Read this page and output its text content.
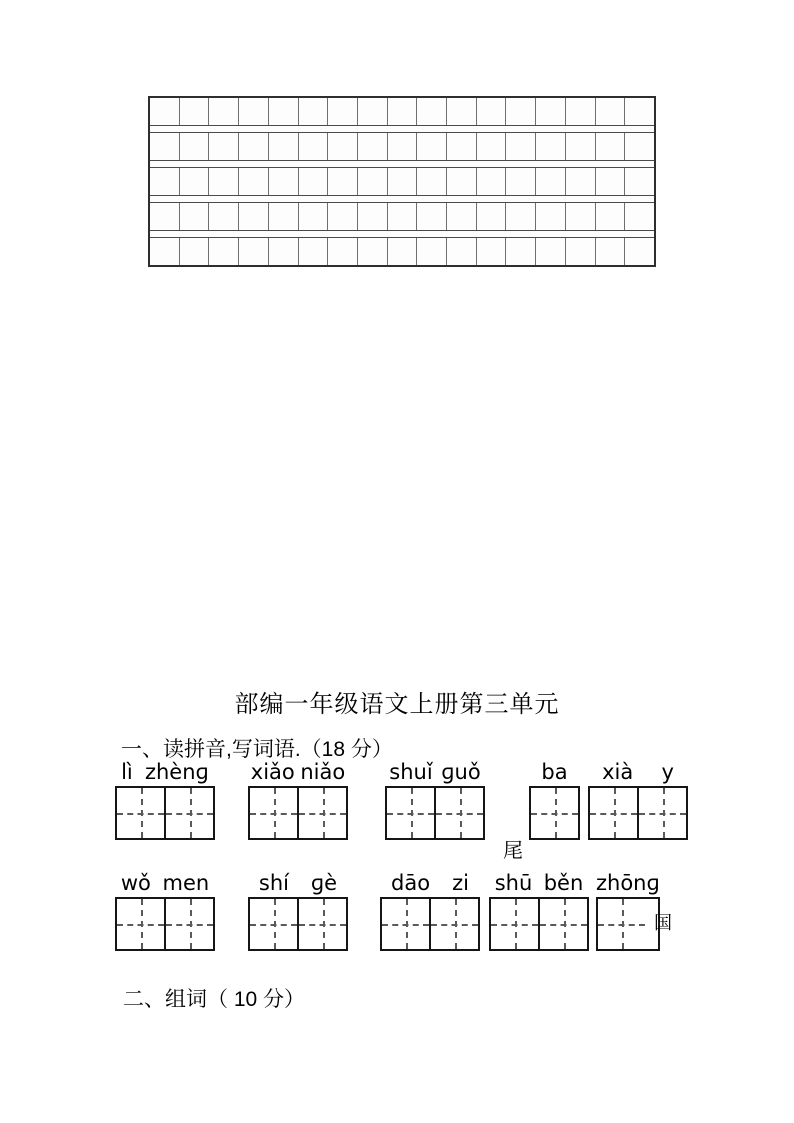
部编一年级语文上册第三单元
一、读拼音,写词语.（18 分）
lì zhènɡ xiǎo niǎo shuǐ ɡuǒ	ba
尾
xià y
wǒ men shí ɡè	dāo zi shū běn zhōnɡ
国
二、组词（ 10 分）
